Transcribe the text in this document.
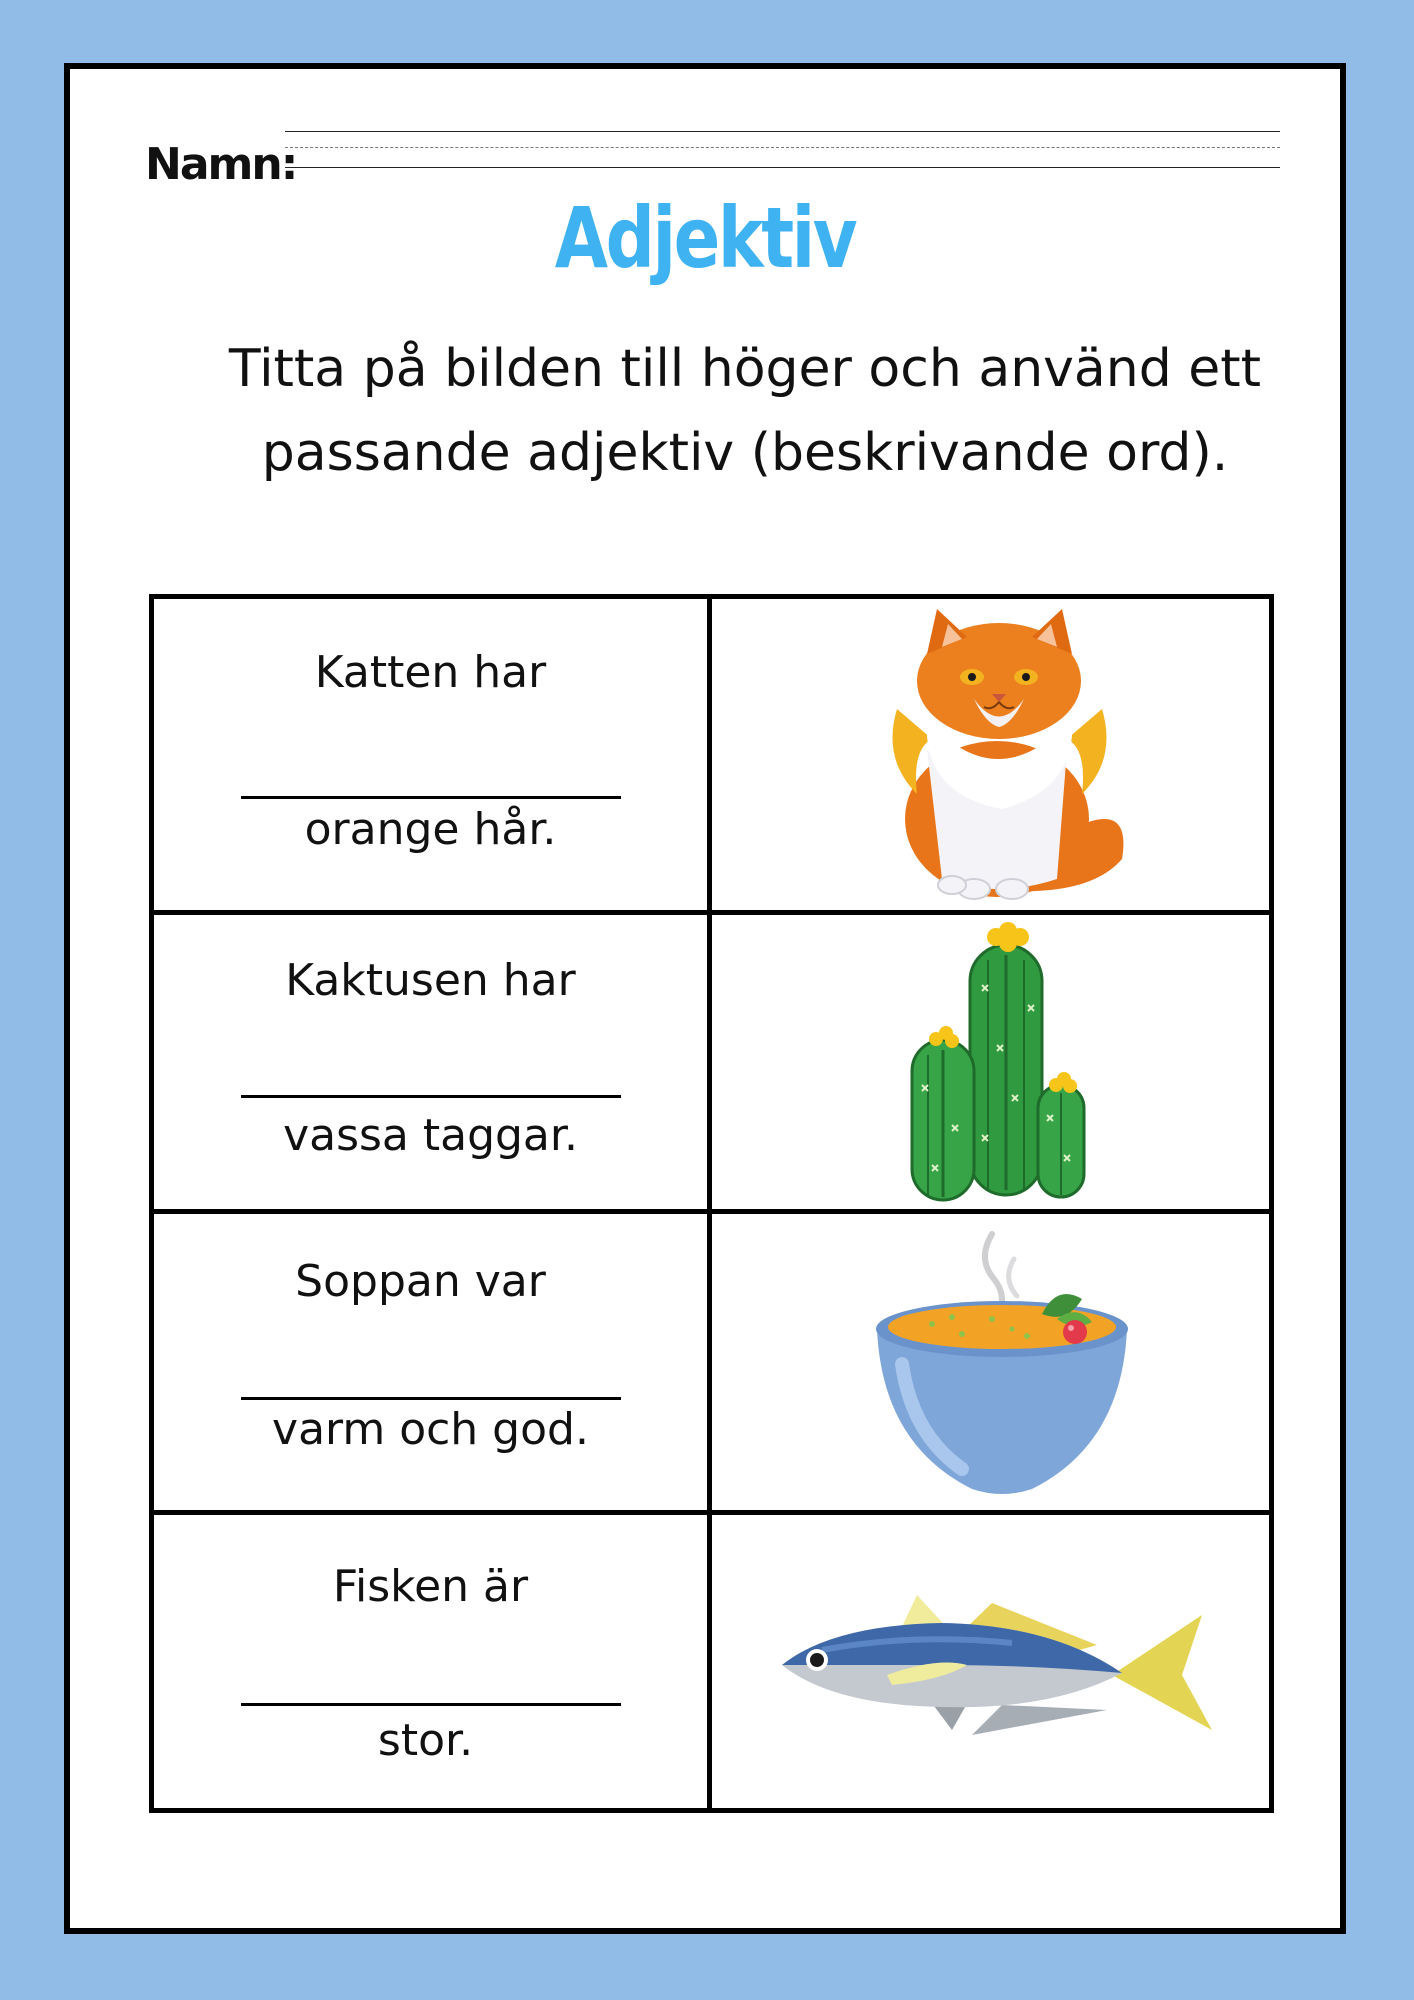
Namn:
Adjektiv
Titta på bilden till höger och använd ett passande adjektiv (beskrivande ord).
Katten har
orange hår.
Kaktusen har
vassa taggar.
Soppan var
varm och god.
Fisken är
stor.
